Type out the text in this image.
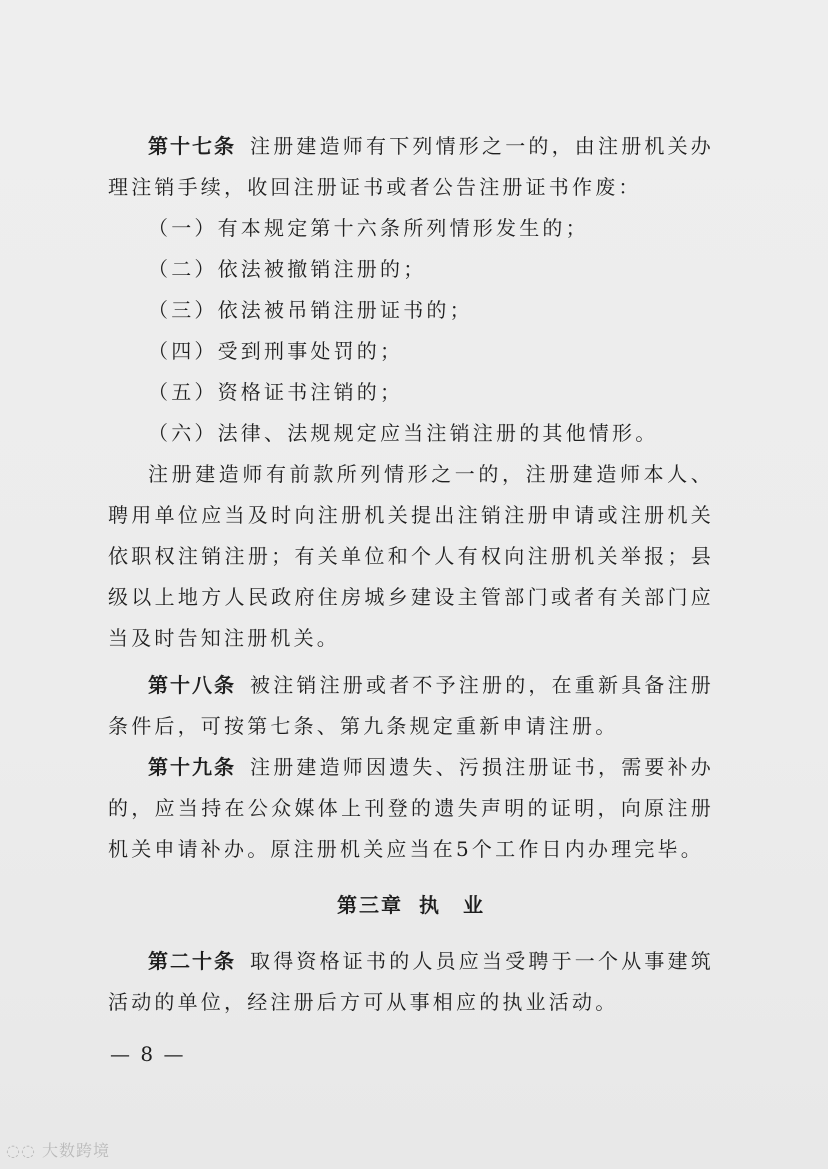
第十七条 注册建造师有下列情形之一的，由注册机关办理注销手续，收回注册证书或者公告注册证书作废：

（一）有本规定第十六条所列情形发生的；

（二）依法被撤销注册的；

（三）依法被吊销注册证书的；

（四）受到刑事处罚的；

（五）资格证书注销的；

（六）法律、法规规定应当注销注册的其他情形。

注册建造师有前款所列情形之一的，注册建造师本人、聘用单位应当及时向注册机关提出注销注册申请或注册机关依职权注销注册；有关单位和个人有权向注册机关举报；县级以上地方人民政府住房城乡建设主管部门或者有关部门应当及时告知注册机关。

第十八条 被注销注册或者不予注册的，在重新具备注册条件后，可按第七条、第九条规定重新申请注册。

第十九条 注册建造师因遗失、污损注册证书，需要补办的，应当持在公众媒体上刊登的遗失声明的证明，向原注册机关申请补办。原注册机关应当在5个工作日内办理完毕。

第三章 执　业

第二十条 取得资格证书的人员应当受聘于一个从事建筑活动的单位，经注册后方可从事相应的执业活动。

— 8 —
◌◌ 大数跨境
